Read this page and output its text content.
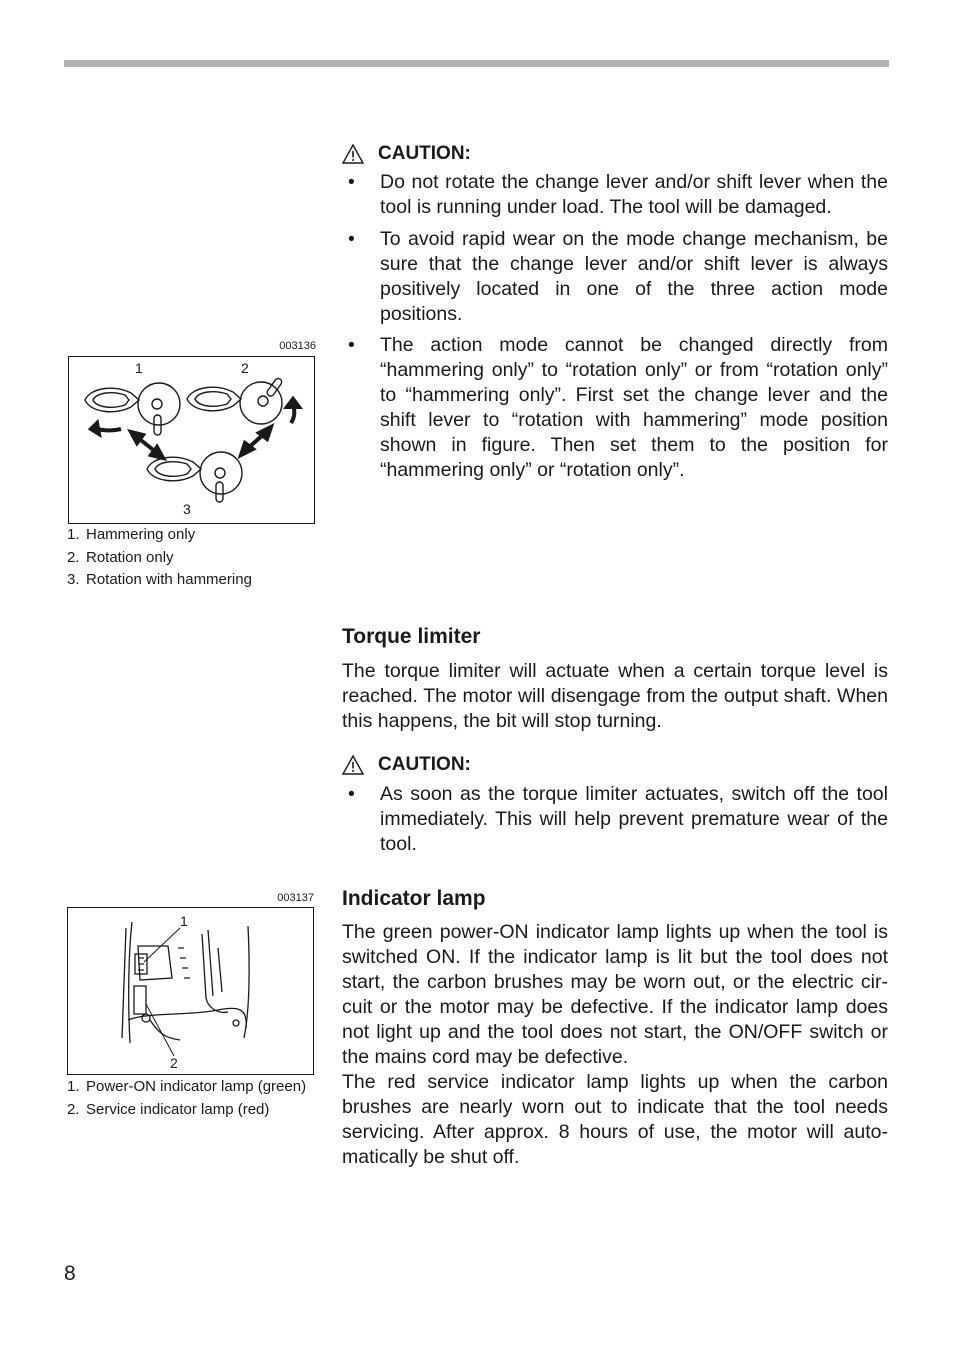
CAUTION:
• Do not rotate the change lever and/or shift lever when the tool is running under load. The tool will be damaged.
• To avoid rapid wear on the mode change mechanism, be sure that the change lever and/or shift lever is always positively located in one of the three action mode positions.
• The action mode cannot be changed directly from “hammering only” to “rotation only” or from “rotation only” to “hammering only”. First set the change lever and the shift lever to “rotation with hammering” mode position shown in figure. Then set them to the position for “hammering only” or “rotation only”.
003136
1	2
3
1. Hammering only
2. Rotation only
3. Rotation with hammering
Torque limiter

The torque limiter will actuate when a certain torque level is reached. The motor will disengage from the output shaft. When this happens, the bit will stop turning.

CAUTION:
• As soon as the torque limiter actuates, switch off the tool immediately. This will help prevent premature wear of the tool.
003137
1
2
1. Power-ON indicator lamp (green)
2. Service indicator lamp (red)
Indicator lamp

The green power-ON indicator lamp lights up when the tool is switched ON. If the indicator lamp is lit but the tool does not start, the carbon brushes may be worn out, or the electric cir-cuit or the motor may be defective. If the indicator lamp does not light up and the tool does not start, the ON/OFF switch or the mains cord may be defective.

The red service indicator lamp lights up when the carbon brushes are nearly worn out to indicate that the tool needs servicing. After approx. 8 hours of use, the motor will auto-matically be shut off.

8
